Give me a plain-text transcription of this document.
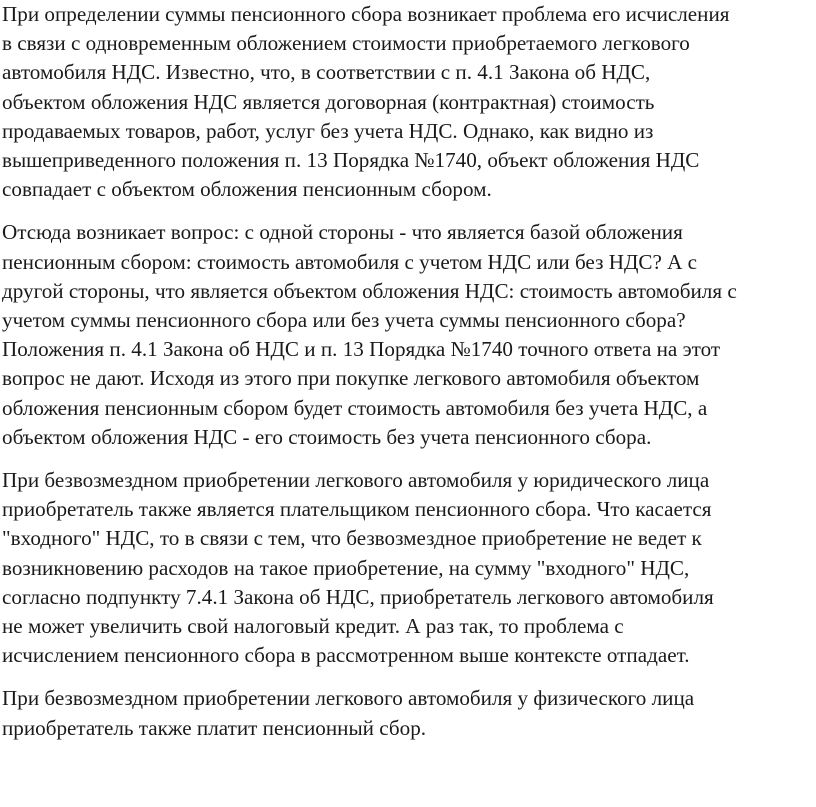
При определении суммы пенсионного сбора возникает проблема его исчисления
в связи с одновременным обложением стоимости приобретаемого легкового
автомобиля НДС. Известно, что, в соответствии с п. 4.1 Закона об НДС,
объектом обложения НДС является договорная (контрактная) стоимость
продаваемых товаров, работ, услуг без учета НДС. Однако, как видно из
вышеприведенного положения п. 13 Порядка №1740, объект обложения НДС
совпадает с объектом обложения пенсионным сбором.

Отсюда возникает вопрос: с одной стороны - что является базой обложения
пенсионным сбором: стоимость автомобиля с учетом НДС или без НДС? А с
другой стороны, что является объектом обложения НДС: стоимость автомобиля с
учетом суммы пенсионного сбора или без учета суммы пенсионного сбора?
Положения п. 4.1 Закона об НДС и п. 13 Порядка №1740 точного ответа на этот
вопрос не дают. Исходя из этого при покупке легкового автомобиля объектом
обложения пенсионным сбором будет стоимость автомобиля без учета НДС, а
объектом обложения НДС - его стоимость без учета пенсионного сбора.

При безвозмездном приобретении легкового автомобиля у юридического лица
приобретатель также является плательщиком пенсионного сбора. Что касается
"входного" НДС, то в связи с тем, что безвозмездное приобретение не ведет к
возникновению расходов на такое приобретение, на сумму "входного" НДС,
согласно подпункту 7.4.1 Закона об НДС, приобретатель легкового автомобиля
не может увеличить свой налоговый кредит. А раз так, то проблема с
исчислением пенсионного сбора в рассмотренном выше контексте отпадает.

При безвозмездном приобретении легкового автомобиля у физического лица
приобретатель также платит пенсионный сбор.
